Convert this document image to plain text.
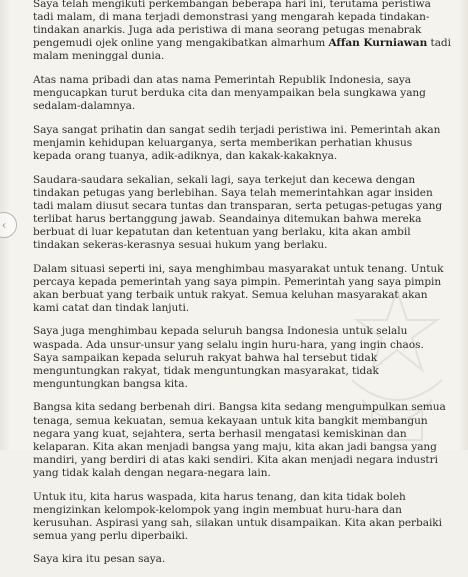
‹

Saya telah mengikuti perkembangan beberapa hari ini, terutama peristiwa tadi malam, di mana terjadi demonstrasi yang mengarah kepada tindakan-tindakan anarkis. Juga ada peristiwa di mana seorang petugas menabrak pengemudi ojek online yang mengakibatkan almarhum Affan Kurniawan tadi malam meninggal dunia.

Atas nama pribadi dan atas nama Pemerintah Republik Indonesia, saya mengucapkan turut berduka cita dan menyampaikan bela sungkawa yang sedalam-dalamnya.

Saya sangat prihatin dan sangat sedih terjadi peristiwa ini. Pemerintah akan menjamin kehidupan keluarganya, serta memberikan perhatian khusus kepada orang tuanya, adik-adiknya, dan kakak-kakaknya.

Saudara-saudara sekalian, sekali lagi, saya terkejut dan kecewa dengan tindakan petugas yang berlebihan. Saya telah memerintahkan agar insiden tadi malam diusut secara tuntas dan transparan, serta petugas-petugas yang terlibat harus bertanggung jawab. Seandainya ditemukan bahwa mereka berbuat di luar kepatutan dan ketentuan yang berlaku, kita akan ambil tindakan sekeras-kerasnya sesuai hukum yang berlaku.

Dalam situasi seperti ini, saya menghimbau masyarakat untuk tenang. Untuk percaya kepada pemerintah yang saya pimpin. Pemerintah yang saya pimpin akan berbuat yang terbaik untuk rakyat. Semua keluhan masyarakat akan kami catat dan tindak lanjuti.

Saya juga menghimbau kepada seluruh bangsa Indonesia untuk selalu waspada. Ada unsur-unsur yang selalu ingin huru-hara, yang ingin chaos. Saya sampaikan kepada seluruh rakyat bahwa hal tersebut tidak menguntungkan rakyat, tidak menguntungkan masyarakat, tidak menguntungkan bangsa kita.

Bangsa kita sedang berbenah diri. Bangsa kita sedang mengumpulkan semua tenaga, semua kekuatan, semua kekayaan untuk kita bangkit membangun negara yang kuat, sejahtera, serta berhasil mengatasi kemiskinan dan kelaparan. Kita akan menjadi bangsa yang maju, kita akan jadi bangsa yang mandiri, yang berdiri di atas kaki sendiri. Kita akan menjadi negara industri yang tidak kalah dengan negara-negara lain.

Untuk itu, kita harus waspada, kita harus tenang, dan kita tidak boleh mengizinkan kelompok-kelompok yang ingin membuat huru-hara dan kerusuhan. Aspirasi yang sah, silakan untuk disampaikan. Kita akan perbaiki semua yang perlu diperbaiki.

Saya kira itu pesan saya.
